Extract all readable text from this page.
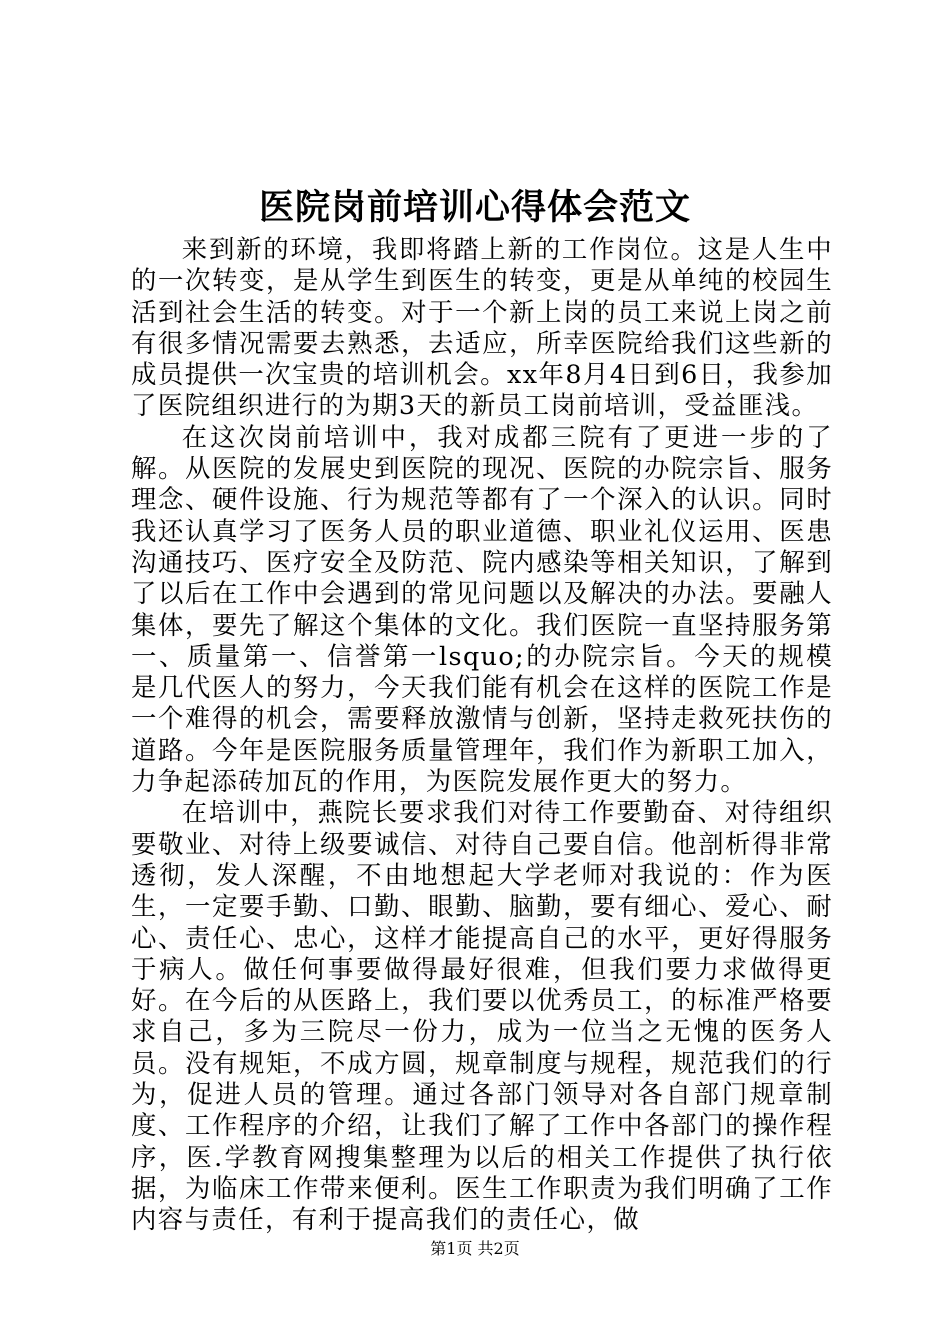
医院岗前培训心得体会范文

来到新的环境，我即将踏上新的工作岗位。这是人生中的一次转变，是从学生到医生的转变，更是从单纯的校园生活到社会生活的转变。对于一个新上岗的员工来说上岗之前有很多情况需要去熟悉，去适应，所幸医院给我们这些新的成员提供一次宝贵的培训机会。xx年8月4日到6日，我参加了医院组织进行的为期3天的新员工岗前培训，受益匪浅。

在这次岗前培训中，我对成都三院有了更进一步的了解。从医院的发展史到医院的现况、医院的办院宗旨、服务理念、硬件设施、行为规范等都有了一个深入的认识。同时我还认真学习了医务人员的职业道德、职业礼仪运用、医患沟通技巧、医疗安全及防范、院内感染等相关知识，了解到了以后在工作中会遇到的常见问题以及解决的办法。要融人集体，要先了解这个集体的文化。我们医院一直坚持服务第一、质量第一、信誉第一lsquo;的办院宗旨。今天的规模是几代医人的努力，今天我们能有机会在这样的医院工作是一个难得的机会，需要释放激情与创新，坚持走救死扶伤的道路。今年是医院服务质量管理年，我们作为新职工加入，力争起添砖加瓦的作用，为医院发展作更大的努力。

在培训中，燕院长要求我们对待工作要勤奋、对待组织要敬业、对待上级要诚信、对待自己要自信。他剖析得非常透彻，发人深醒，不由地想起大学老师对我说的：作为医生，一定要手勤、口勤、眼勤、脑勤，要有细心、爱心、耐心、责任心、忠心，这样才能提高自己的水平，更好得服务于病人。做任何事要做得最好很难，但我们要力求做得更好。在今后的从医路上，我们要以优秀员工，的标准严格要求自己，多为三院尽一份力，成为一位当之无愧的医务人员。没有规矩，不成方圆，规章制度与规程，规范我们的行为，促进人员的管理。通过各部门领导对各自部门规章制度、工作程序的介绍，让我们了解了工作中各部门的操作程序，医.学教育网搜集整理为以后的相关工作提供了执行依据，为临床工作带来便利。医生工作职责为我们明确了工作内容与责任，有利于提高我们的责任心，做

第1页 共2页
